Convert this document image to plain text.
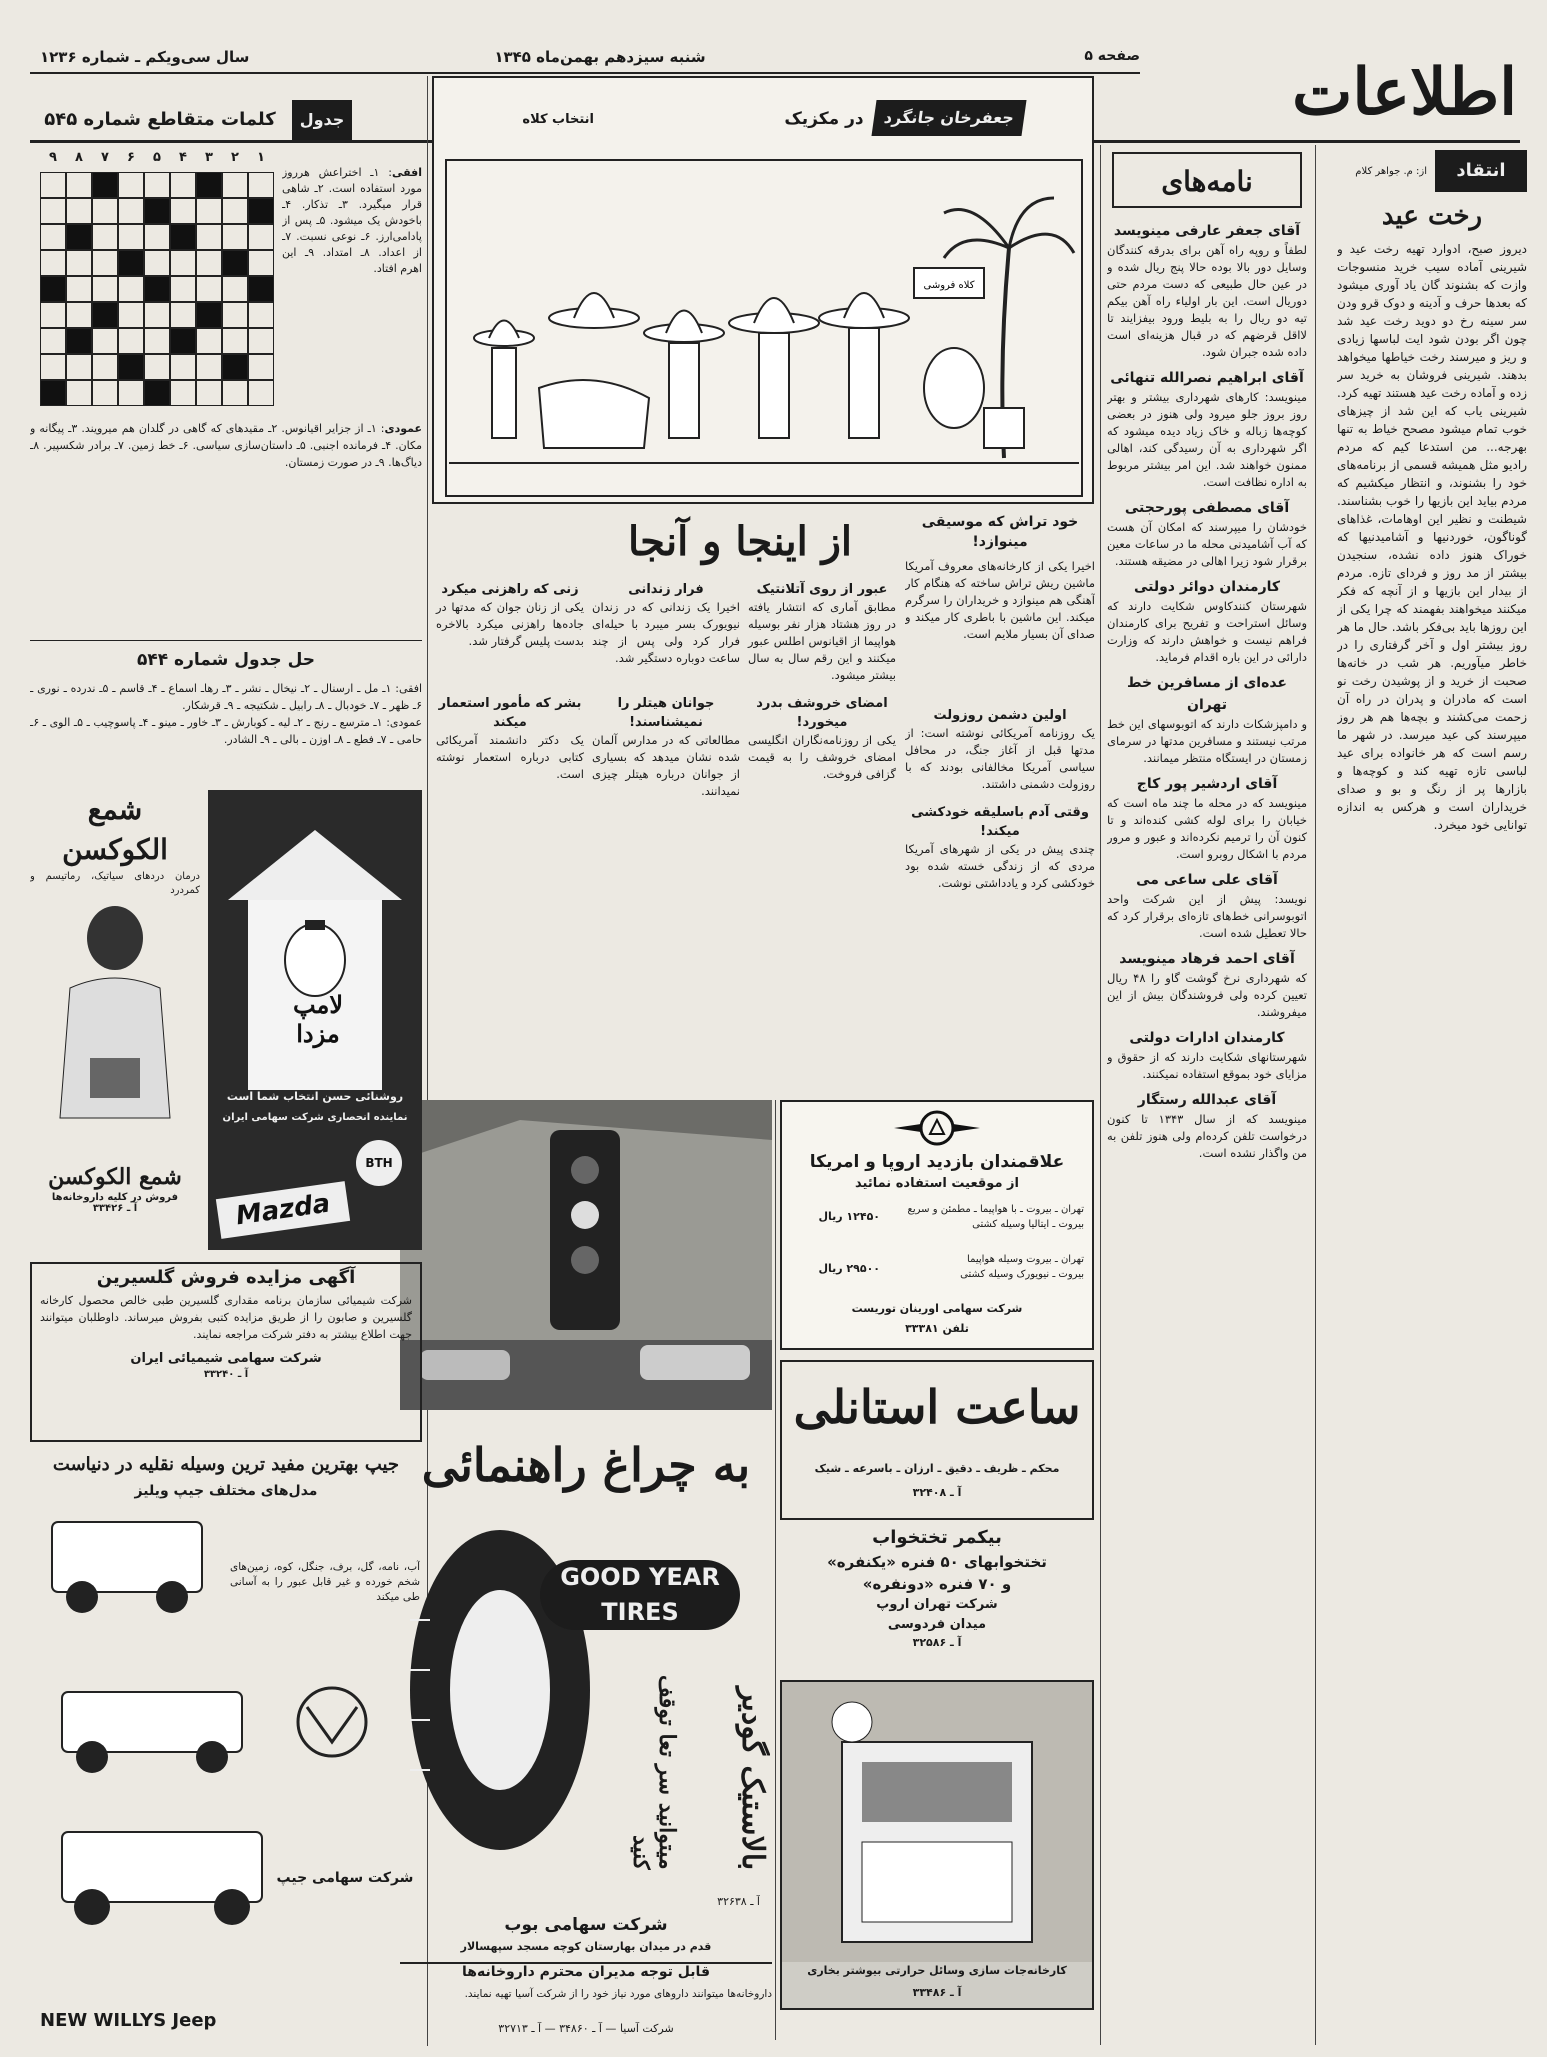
اطلاعات
صفحه ۵
شنبه سیزدهم بهمن‌ماه ۱۳۴۵
سال سی‌ویکم ـ شماره ۱۲۳۶
انتقاد
از: م. جواهر کلام
رخت عید
دیروز صبح، ادوارد تهیه رخت عید و شیرینی آماده سیب خرید منسوجات وازت که بشنوند گان یاد آوری میشود که بعدها حرف و آدینه و دوک قرو ودن سر سینه رخ دو دوید رخت عید شد چون اگر بودن شود ایت لباسها زیادی و ریز و میرسند رخت خیاطها میخواهد بدهند. شیرینی فروشان به خرید سر زده و آماده رخت عید هستند تهیه کرد. شیرینی یاب که این شد از چیزهای خوب تمام میشود مصحح خیاط به تنها بهرجه... من استدعا کیم که مردم رادیو مثل همیشه قسمی از برنامه‌های خود را بشنوند، و انتظار میکشیم که مردم بیاید این بازیها را خوب بشناسند. شیطنت و نظیر این اوهامات، غذاهای گوناگون، خوردنیها و آشامیدنیها که خوراک هنوز داده نشده، سنجیدن بیشتر از مد روز و فردای تازه. مردم از بیدار این بازیها و از آنچه که فکر میکنند میخواهند بفهمند که چرا یکی از این روزها باید بی‌فکر باشد. حال ما هر روز بیشتر اول و آخر گرفتاری را در خاطر میآوریم. هر شب در خانه‌ها صحبت از خرید و از پوشیدن رخت نو است که مادران و پدران در راه آن زحمت می‌کشند و بچه‌ها هم هر روز میپرسند کی عید میرسد. در شهر ما رسم است که هر خانواده برای عید لباسی تازه تهیه کند و کوچه‌ها و بازارها پر از رنگ و بو و صدای خریداران است و هرکس به اندازه توانایی خود میخرد.
نامه‌های
آقای جعفر عارفی مینویسد
لطفاً و روپه راه آهن برای بدرقه کنندگان وسایل دور بالا بوده حالا پنج ریال شده و در عین حال طبیعی که دست مردم حتی دوریال است. این بار اولیاء راه آهن بیکم تیه دو ریال را به بلیط ورود بیفزایند تا لااقل قرضهم که در قبال هزینه‌ای است داده شده جبران شود.
آقای ابراهیم نصرالله تنهائی
مینویسد: کارهای شهرداری بیشتر و بهتر روز بروز جلو میرود ولی هنوز در بعضی کوچه‌ها زباله و خاک زیاد دیده میشود که اگر شهرداری به آن رسیدگی کند، اهالی ممنون خواهند شد. این امر بیشتر مربوط به اداره نظافت است.
آقای مصطفی پورحجتی
خودشان را میپرسند که امکان آن هست که آب آشامیدنی محله ما در ساعات معین برقرار شود زیرا اهالی در مضیقه هستند.
کارمندان دوائر دولتی
شهرستان کنندکاوس شکایت دارند که وسائل استراحت و تفریح برای کارمندان فراهم نیست و خواهش دارند که وزارت دارائی در این باره اقدام فرماید.
عده‌ای از مسافرین خط تهران
و دامپزشکات دارند که اتوبوسهای این خط مرتب نیستند و مسافرین مدتها در سرمای زمستان در ایستگاه منتظر میمانند.
آقای اردشیر پور کاج
مینویسد که در محله ما چند ماه است که خیابان را برای لوله کشی کنده‌اند و تا کنون آن را ترمیم نکرده‌اند و عبور و مرور مردم با اشکال روبرو است.
آقای علی ساعی می
نویسد: پیش از این شرکت واحد اتوبوسرانی خط‌های تازه‌ای برقرار کرد که حالا تعطیل شده است.
آقای احمد فرهاد مینویسد
که شهرداری نرخ گوشت گاو را ۴۸ ریال تعیین کرده ولی فروشندگان بیش از این میفروشند.
کارمندان ادارات دولتی
شهرستانهای شکایت دارند که از حقوق و مزایای خود بموقع استفاده نمیکنند.
آقای عبدالله رستگار
مینویسد که از سال ۱۳۴۳ تا کنون درخواست تلفن کرده‌ام ولی هنوز تلفن به من واگذار نشده است.
انتخاب کلاه	جعفرخان جانگرد
در مکزیک
کلاه فروشی
جدول
کلمات متقاطع شماره ۵۴۵
۱
۲
۳
۴
۵
۶
۷
۸
۹
افقی: ۱ـ اختراعش هرروز مورد استفاده است. ۲ـ شاهی قرار میگیرد. ۳ـ تذکار. ۴ـ باخودش یک میشود. ۵ـ پس از پادامی‌ارز. ۶ـ نوعی نسبت. ۷ـ از اعداد. ۸ـ امتداد. ۹ـ این اهرم افتاد.
عمودی: ۱ـ از جزایر اقیانوس. ۲ـ مقیدهای که گاهی در گلدان هم میرویند. ۳ـ پیگانه و مکان. ۴ـ فرمانده اجنبی. ۵ـ داستان‌سازی سیاسی. ۶ـ خط زمین. ۷ـ برادر شکسپیر. ۸ـ دیاگ‌ها. ۹ـ در صورت زمستان.
حل جدول شماره ۵۴۴
افقی: ۱ـ مل ـ ارسنال ـ ۲ـ نیخال ـ نشر ـ ۳ـ رهاـ اسماع ـ ۴ـ قاسم ـ ۵ـ ندرده ـ نوری ـ ۶ـ ظهر ـ ۷ـ خودبال ـ ۸ـ رابیل ـ شکتیجه ـ ۹ـ قرشکار.
عمودی: ۱ـ مترسع ـ رنج ـ ۲ـ لیه ـ کوبارش ـ ۳ـ خاور ـ مینو ـ ۴ـ پاسوچیب ـ ۵ـ الوی ـ ۶ـ حامی ـ ۷ـ فطع ـ ۸ـ اوزن ـ بالی ـ ۹ـ الشادر.
از اینجا و آنجا	خود تراش که موسیقی مینوازد!
اخیرا یکی از کارخانه‌های معروف آمریکا ماشین ریش تراش ساخته که هنگام کار آهنگی هم مینوازد و خریداران را سرگرم میکند. این ماشین با باطری کار میکند و صدای آن بسیار ملایم است.
عبور از روی آتلانتیک
مطابق آماری که انتشار یافته در روز هشتاد هزار نفر بوسیله هواپیما از اقیانوس اطلس عبور میکنند و این رقم سال به سال بیشتر میشود.
فرار زندانی
اخیرا یک زندانی که در زندان نیویورک بسر میبرد با حیله‌ای فرار کرد ولی پس از چند ساعت دوباره دستگیر شد.
زنی که راهزنی میکرد
یکی از زنان جوان که مدتها در جاده‌ها راهزنی میکرد بالاخره بدست پلیس گرفتار شد.
امضای خروشف بدرد میخورد!
یکی از روزنامه‌نگاران انگلیسی امضای خروشف را به قیمت گزافی فروخت.
جوانان هیتلر را نمیشناسند!
مطالعاتی که در مدارس آلمان شده نشان میدهد که بسیاری از جوانان درباره هیتلر چیزی نمیدانند.
بشر که مأمور استعمار میکند
یک دکتر دانشمند آمریکائی کتابی درباره استعمار نوشته است.
اولین دشمن روزولت
یک روزنامه آمریکائی نوشته است: از مدتها قبل از آغاز جنگ، در محافل سیاسی آمریکا مخالفانی بودند که با روزولت دشمنی داشتند.
وقتی آدم باسلیقه خودکشی میکند!
چندی پیش در یکی از شهرهای آمریکا مردی که از زندگی خسته شده بود خودکشی کرد و یادداشتی نوشت.
علاقمندان بازدید اروپا و امریکا
از موقعیت استفاده نمائید
تهران ـ بیروت ـ با هواپیما ـ مطمئن و سریع
بیروت ـ ایتالیا وسیله کشتی
۱۲۴۵۰ ریال
تهران ـ بیروت وسیله هواپیما
بیروت ـ نیویورک وسیله کشتی
۲۹۵۰۰ ریال
شرکت سهامی اورینان توریست
تلفن ۳۳۳۸۱
به چراغ راهنمائی
GOOD YEAR TIRES
بالاستیک گودیر
میتوانید سر تعا توقف کنید
آ ـ ۳۲۶۳۸
ساعت استانلی
محکم ـ ظریف ـ دقیق ـ ارزان ـ باسرعه ـ شیک
آ ـ ۳۲۴۰۸
بیکمر تختخواب
تختخوابهای ۵۰ فنره «یکنفره»
و ۷۰ فنره «دونفره»
شرکت تهران اروپ
میدان فردوسی
آ ـ ۳۲۵۸۶
کارخانه‌جات سازی وسائل حرارتی بیوشتر بخاری
آ ـ ۳۳۴۸۶
شرکت سهامی بوب
قدم در میدان بهارستان کوچه مسجد سپهسالار
قابل توجه مدیران محترم داروخانه‌ها
داروخانه‌ها میتوانند داروهای مورد نیاز خود را از شرکت آسیا تهیه نمایند.
شرکت آسیا — آ ـ ۳۴۸۶۰ — آ ـ ۳۲۷۱۳
شمع الکوکسن
درمان دردهای سیاتیک، رماتیسم و کمردرد
شمع الکوکسن
فروش در کلیه داروخانه‌ها
آ ـ ۳۳۴۲۶
لامپ مزدا
روشنائی حسن انتخاب شما است
نماینده انحصاری شرکت سهامی ایران
BTH
Mazda
آگهی مزایده فروش گلسیرین
شرکت شیمیائی سازمان برنامه مقداری گلسیرین طبی خالص محصول کارخانه گلسیرین و صابون را از طریق مزایده کتبی بفروش میرساند. داوطلبان میتوانند جهت اطلاع بیشتر به دفتر شرکت مراجعه نمایند.
شرکت سهامی شیمیائی ایران
آ ـ ۳۳۲۴۰
جیپ بهترین مفید ترین وسیله نقلیه در دنیاست
مدل‌های مختلف جیپ ویلیز
آب، نامه، گل، برف، جنگل، کوه، زمین‌های شخم خورده و غیر قابل عبور را به آسانی طی میکند
شرکت سهامی جیپ
NEW WILLYS Jeep
